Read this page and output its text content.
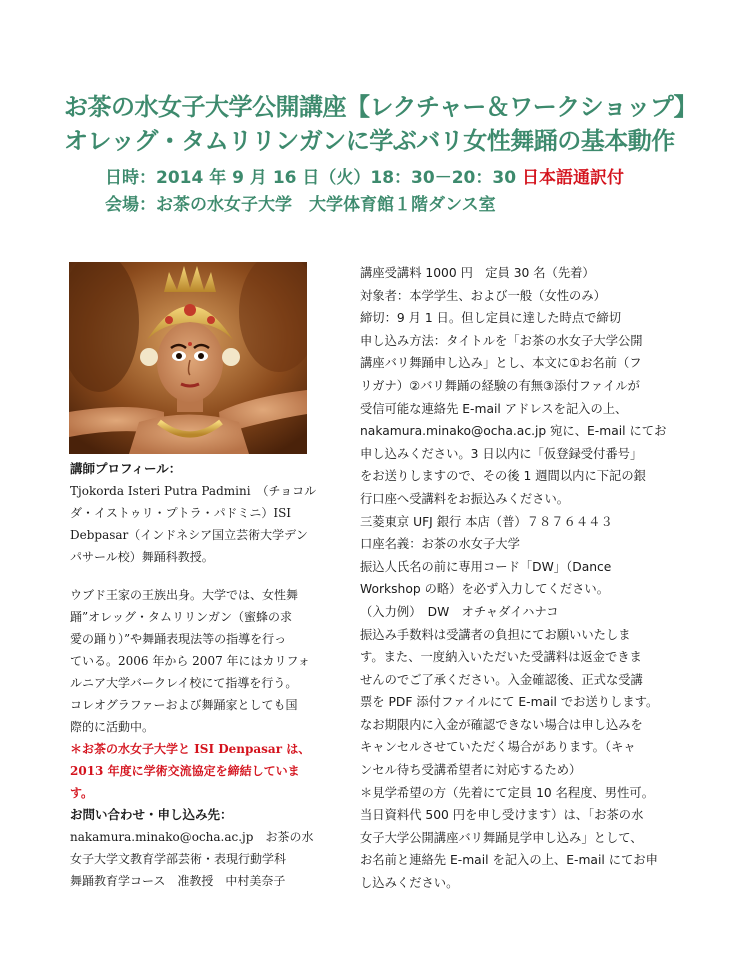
お茶の水女子大学公開講座【レクチャー＆ワークショップ】
オレッグ・タムリリンガンに学ぶバリ女性舞踊の基本動作
日時：2014 年 9 月 16 日（火）18：30－20：30 日本語通訳付
会場：お茶の水女子大学　大学体育館１階ダンス室

講師プロフィール：

Tjokorda Isteri Putra Padmini　（チョコル

ダ・イストゥリ・プトラ・パドミニ）ISI

Debpasar（インドネシア国立芸術大学デン

パサール校）舞踊科教授。

ウブド王家の王族出身。大学では、女性舞

踊”オレッグ・タムリリンガン（蜜蜂の求

愛の踊り）”や舞踊表現法等の指導を行っ

ている。2006 年から 2007 年にはカリフォ

ルニア大学バークレイ校にて指導を行う。

コレオグラファーおよび舞踊家としても国

際的に活動中。

＊お茶の水女子大学と ISI Denpasar は、

2013 年度に学術交流協定を締結していま

す。

お問い合わせ・申し込み先：

nakamura.minako@ocha.ac.jp　お茶の水

女子大学文教育学部芸術・表現行動学科

舞踊教育学コース　准教授　中村美奈子

講座受講料 1000 円　定員 30 名（先着）

対象者：本学学生、および一般（女性のみ）

締切：9 月 1 日。但し定員に達した時点で締切

申し込み方法：タイトルを「お茶の水女子大学公開

講座バリ舞踊申し込み」とし、本文に①お名前（フ

リガナ）②バリ舞踊の経験の有無③添付ファイルが

受信可能な連絡先 E-mail アドレスを記入の上、

nakamura.minako@ocha.ac.jp 宛に、E-mail にてお

申し込みください。3 日以内に「仮登録受付番号」

をお送りしますので、その後 1 週間以内に下記の銀

行口座へ受講料をお振込みください。

三菱東京 UFJ 銀行 本店（普）７８７６４４３

口座名義：お茶の水女子大学

振込人氏名の前に専用コード「DW」（Dance

Workshop の略）を必ず入力してください。

（入力例）　DW　オチャダイハナコ

振込み手数料は受講者の負担にてお願いいたしま

す。また、一度納入いただいた受講料は返金できま

せんのでご了承ください。入金確認後、正式な受講

票を PDF 添付ファイルにて E-mail でお送りします。

なお期限内に入金が確認できない場合は申し込みを

キャンセルさせていただく場合があります。（キャ

ンセル待ち受講希望者に対応するため）

＊見学希望の方（先着にて定員 10 名程度、男性可。

当日資料代 500 円を申し受けます）は、「お茶の水

女子大学公開講座バリ舞踊見学申し込み」として、

お名前と連絡先 E-mail を記入の上、E-mail にてお申

し込みください。
